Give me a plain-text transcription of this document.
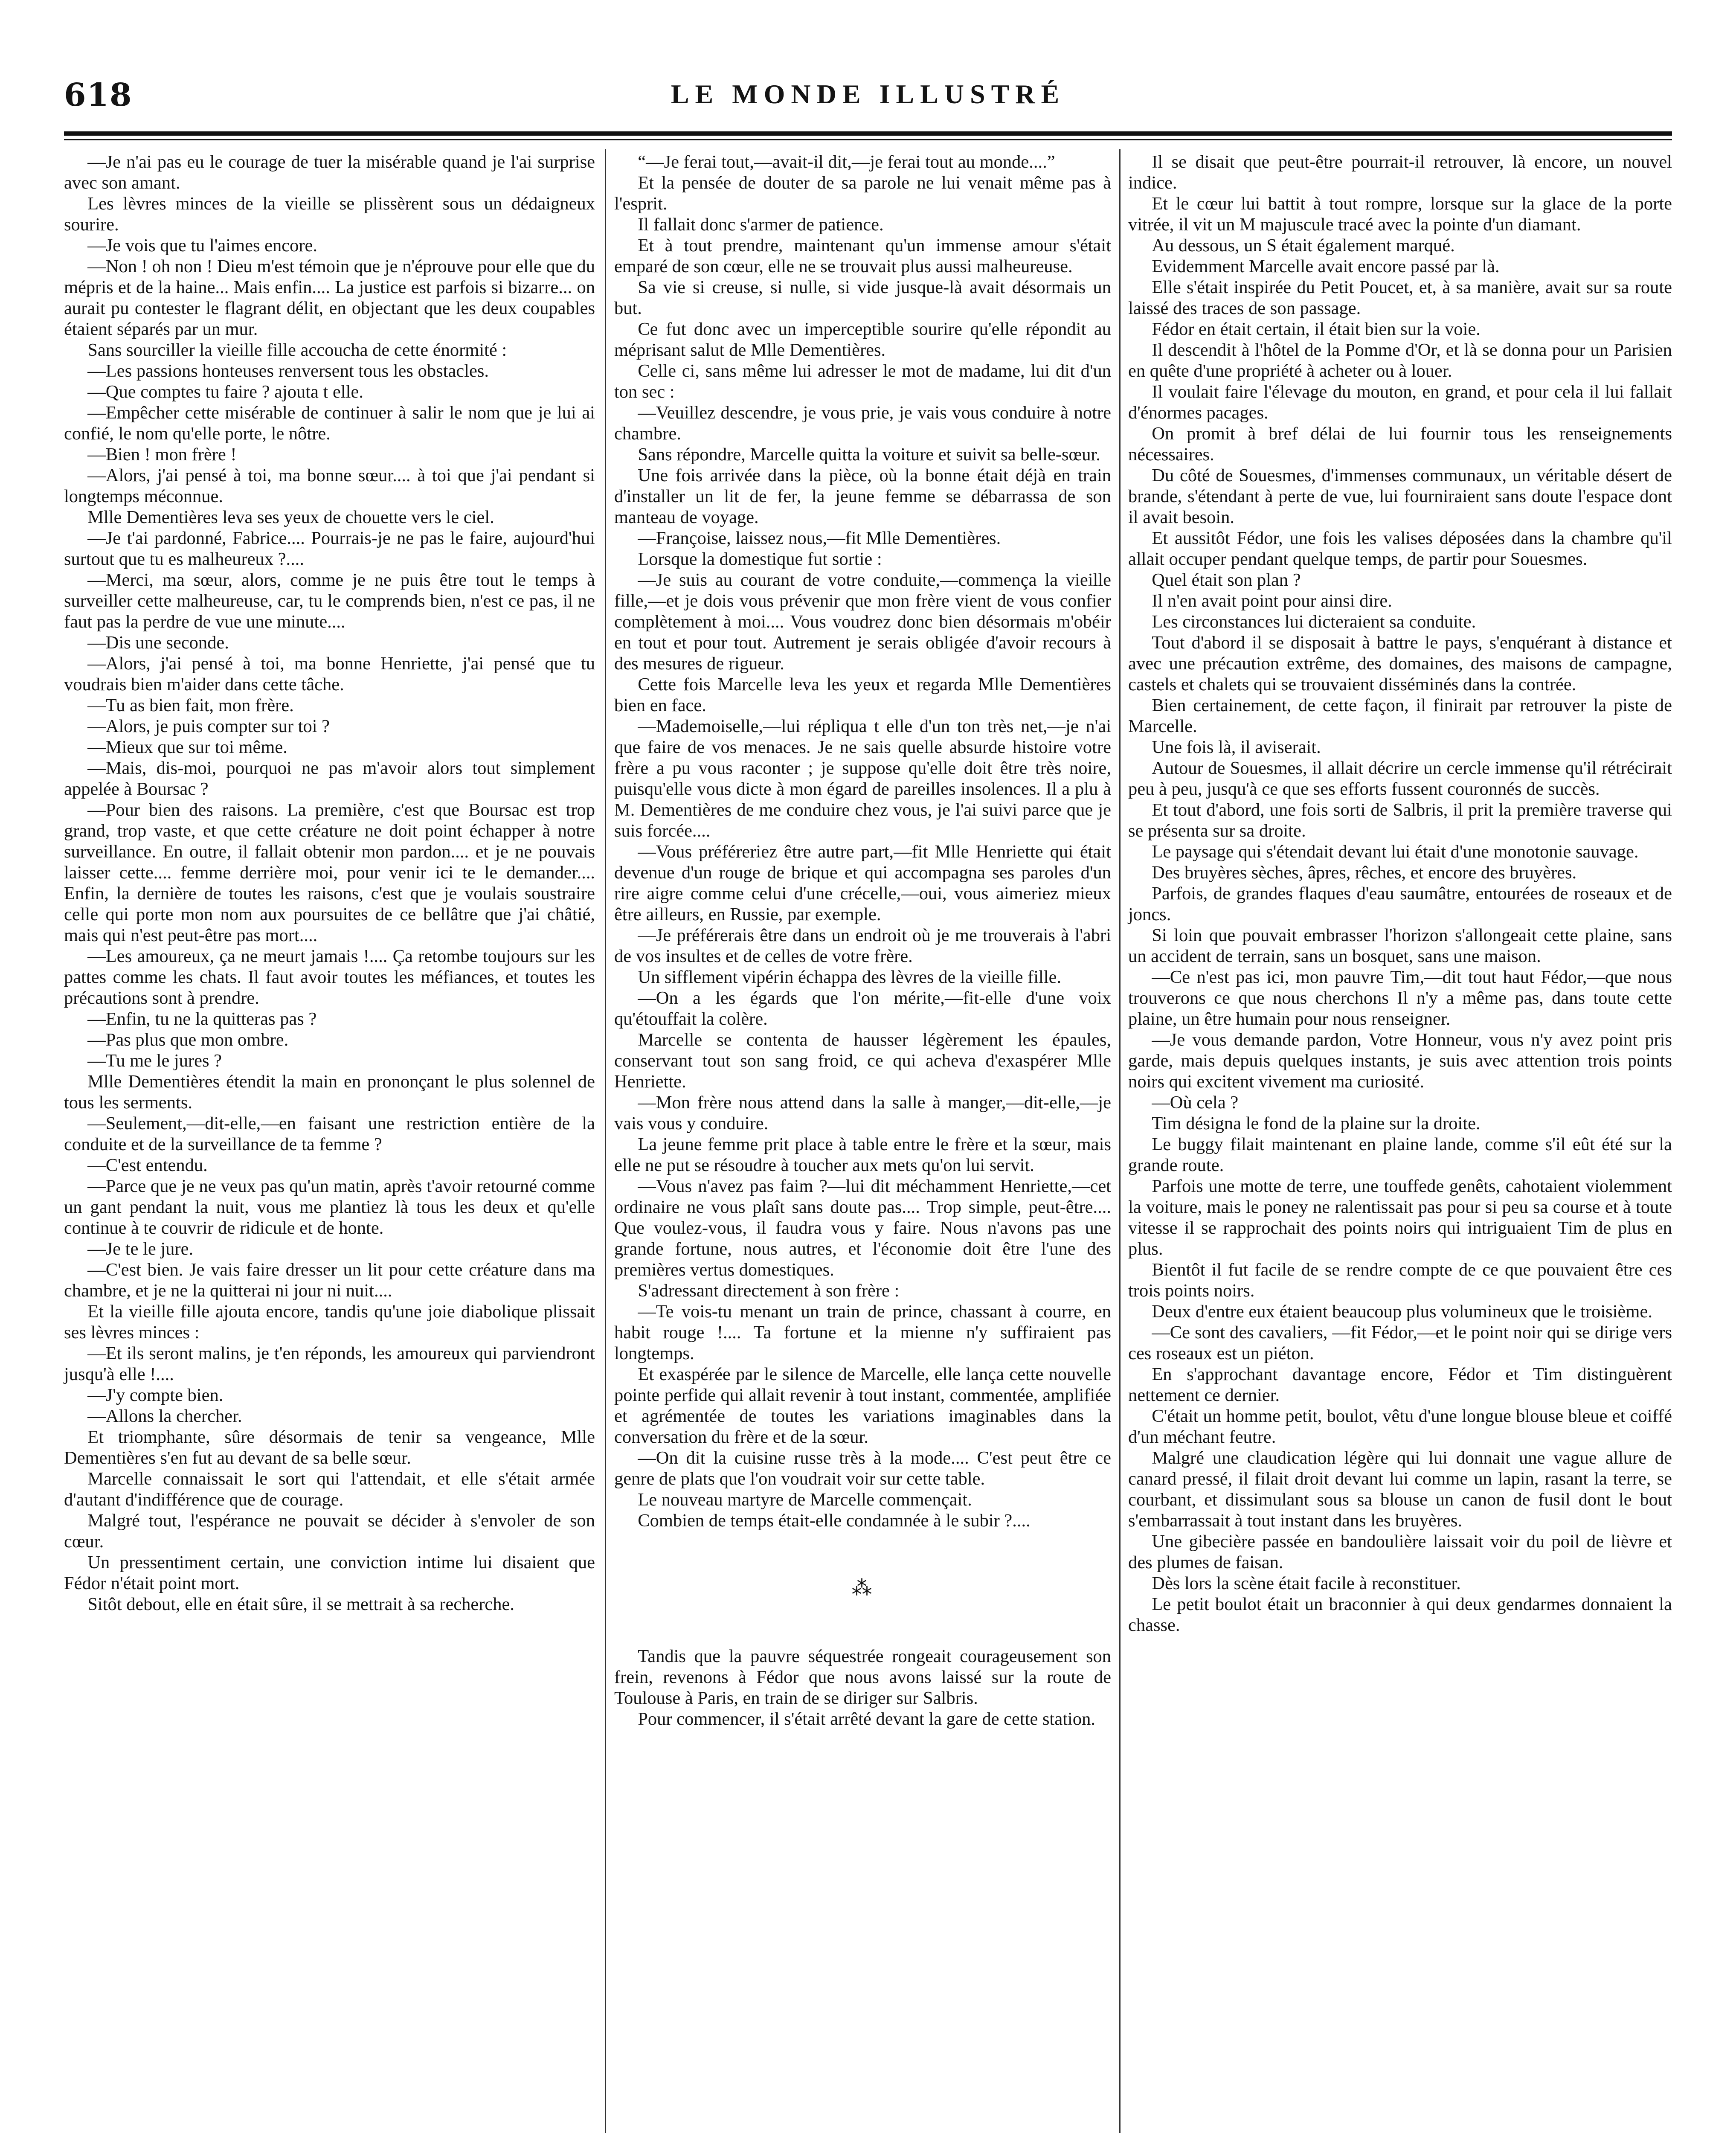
618	LE MONDE ILLUSTRÉ

—Je n'ai pas eu le courage de tuer la misérable quand je l'ai surprise avec son amant.

Les lèvres minces de la vieille se plissèrent sous un dédaigneux sourire.

—Je vois que tu l'aimes encore.

—Non ! oh non ! Dieu m'est témoin que je n'éprouve pour elle que du mépris et de la haine... Mais enfin.... La justice est parfois si bizarre... on aurait pu contester le flagrant délit, en objectant que les deux coupables étaient séparés par un mur.

Sans sourciller la vieille fille accoucha de cette énormité :

—Les passions honteuses renversent tous les obstacles.

—Que comptes tu faire ? ajouta t elle.

—Empêcher cette misérable de continuer à salir le nom que je lui ai confié, le nom qu'elle porte, le nôtre.

—Bien ! mon frère !

—Alors, j'ai pensé à toi, ma bonne sœur.... à toi que j'ai pendant si longtemps méconnue.

Mlle Dementières leva ses yeux de chouette vers le ciel.

—Je t'ai pardonné, Fabrice.... Pourrais-je ne pas le faire, aujourd'hui surtout que tu es malheureux ?....

—Merci, ma sœur, alors, comme je ne puis être tout le temps à surveiller cette malheureuse, car, tu le comprends bien, n'est ce pas, il ne faut pas la perdre de vue une minute....

—Dis une seconde.

—Alors, j'ai pensé à toi, ma bonne Henriette, j'ai pensé que tu voudrais bien m'aider dans cette tâche.

—Tu as bien fait, mon frère.

—Alors, je puis compter sur toi ?

—Mieux que sur toi même.

—Mais, dis-moi, pourquoi ne pas m'avoir alors tout simplement appelée à Boursac ?

—Pour bien des raisons. La première, c'est que Boursac est trop grand, trop vaste, et que cette créature ne doit point échapper à notre surveillance. En outre, il fallait obtenir mon pardon.... et je ne pouvais laisser cette.... femme derrière moi, pour venir ici te le demander.... Enfin, la dernière de toutes les raisons, c'est que je voulais soustraire celle qui porte mon nom aux poursuites de ce bellâtre que j'ai châtié, mais qui n'est peut-être pas mort....

—Les amoureux, ça ne meurt jamais !.... Ça retombe toujours sur les pattes comme les chats. Il faut avoir toutes les méfiances, et toutes les précautions sont à prendre.

—Enfin, tu ne la quitteras pas ?

—Pas plus que mon ombre.

—Tu me le jures ?

Mlle Dementières étendit la main en prononçant le plus solennel de tous les serments.

—Seulement,—dit-elle,—en faisant une restriction entière de la conduite et de la surveillance de ta femme ?

—C'est entendu.

—Parce que je ne veux pas qu'un matin, après t'avoir retourné comme un gant pendant la nuit, vous me plantiez là tous les deux et qu'elle continue à te couvrir de ridicule et de honte.

—Je te le jure.

—C'est bien. Je vais faire dresser un lit pour cette créature dans ma chambre, et je ne la quitterai ni jour ni nuit....

Et la vieille fille ajouta encore, tandis qu'une joie diabolique plissait ses lèvres minces :

—Et ils seront malins, je t'en réponds, les amoureux qui parviendront jusqu'à elle !....

—J'y compte bien.

—Allons la chercher.

Et triomphante, sûre désormais de tenir sa vengeance, Mlle Dementières s'en fut au devant de sa belle sœur.

Marcelle connaissait le sort qui l'attendait, et elle s'était armée d'autant d'indifférence que de courage.

Malgré tout, l'espérance ne pouvait se décider à s'envoler de son cœur.

Un pressentiment certain, une conviction intime lui disaient que Fédor n'était point mort.

Sitôt debout, elle en était sûre, il se mettrait à sa recherche.

“—Je ferai tout,—avait-il dit,—je ferai tout au monde....”

Et la pensée de douter de sa parole ne lui venait même pas à l'esprit.

Il fallait donc s'armer de patience.

Et à tout prendre, maintenant qu'un immense amour s'était emparé de son cœur, elle ne se trouvait plus aussi malheureuse.

Sa vie si creuse, si nulle, si vide jusque-là avait désormais un but.

Ce fut donc avec un imperceptible sourire qu'elle répondit au méprisant salut de Mlle Dementières.

Celle ci, sans même lui adresser le mot de madame, lui dit d'un ton sec :

—Veuillez descendre, je vous prie, je vais vous conduire à notre chambre.

Sans répondre, Marcelle quitta la voiture et suivit sa belle-sœur.

Une fois arrivée dans la pièce, où la bonne était déjà en train d'installer un lit de fer, la jeune femme se débarrassa de son manteau de voyage.

—Françoise, laissez nous,—fit Mlle Dementières.

Lorsque la domestique fut sortie :

—Je suis au courant de votre conduite,—commença la vieille fille,—et je dois vous prévenir que mon frère vient de vous confier complètement à moi.... Vous voudrez donc bien désormais m'obéir en tout et pour tout. Autrement je serais obligée d'avoir recours à des mesures de rigueur.

Cette fois Marcelle leva les yeux et regarda Mlle Dementières bien en face.

—Mademoiselle,—lui répliqua t elle d'un ton très net,—je n'ai que faire de vos menaces. Je ne sais quelle absurde histoire votre frère a pu vous raconter ; je suppose qu'elle doit être très noire, puisqu'elle vous dicte à mon égard de pareilles insolences. Il a plu à M. Dementières de me conduire chez vous, je l'ai suivi parce que je suis forcée....

—Vous préféreriez être autre part,—fit Mlle Henriette qui était devenue d'un rouge de brique et qui accompagna ses paroles d'un rire aigre comme celui d'une crécelle,—oui, vous aimeriez mieux être ailleurs, en Russie, par exemple.

—Je préférerais être dans un endroit où je me trouverais à l'abri de vos insultes et de celles de votre frère.

Un sifflement vipérin échappa des lèvres de la vieille fille.

—On a les égards que l'on mérite,—fit-elle d'une voix qu'étouffait la colère.

Marcelle se contenta de hausser légèrement les épaules, conservant tout son sang froid, ce qui acheva d'exaspérer Mlle Henriette.

—Mon frère nous attend dans la salle à manger,—dit-elle,—je vais vous y conduire.

La jeune femme prit place à table entre le frère et la sœur, mais elle ne put se résoudre à toucher aux mets qu'on lui servit.

—Vous n'avez pas faim ?—lui dit méchamment Henriette,—cet ordinaire ne vous plaît sans doute pas.... Trop simple, peut-être.... Que voulez-vous, il faudra vous y faire. Nous n'avons pas une grande fortune, nous autres, et l'économie doit être l'une des premières vertus domestiques.

S'adressant directement à son frère :

—Te vois-tu menant un train de prince, chassant à courre, en habit rouge !.... Ta fortune et la mienne n'y suffiraient pas longtemps.

Et exaspérée par le silence de Marcelle, elle lança cette nouvelle pointe perfide qui allait revenir à tout instant, commentée, amplifiée et agrémentée de toutes les variations imaginables dans la conversation du frère et de la sœur.

—On dit la cuisine russe très à la mode.... C'est peut être ce genre de plats que l'on voudrait voir sur cette table.

Le nouveau martyre de Marcelle commençait.

Combien de temps était-elle condamnée à le subir ?....

⁂

Tandis que la pauvre séquestrée rongeait courageusement son frein, revenons à Fédor que nous avons laissé sur la route de Toulouse à Paris, en train de se diriger sur Salbris.

Pour commencer, il s'était arrêté devant la gare de cette station.

Il se disait que peut-être pourrait-il retrouver, là encore, un nouvel indice.

Et le cœur lui battit à tout rompre, lorsque sur la glace de la porte vitrée, il vit un M majuscule tracé avec la pointe d'un diamant.

Au dessous, un S était également marqué.

Evidemment Marcelle avait encore passé par là.

Elle s'était inspirée du Petit Poucet, et, à sa manière, avait sur sa route laissé des traces de son passage.

Fédor en était certain, il était bien sur la voie.

Il descendit à l'hôtel de la Pomme d'Or, et là se donna pour un Parisien en quête d'une propriété à acheter ou à louer.

Il voulait faire l'élevage du mouton, en grand, et pour cela il lui fallait d'énormes pacages.

On promit à bref délai de lui fournir tous les renseignements nécessaires.

Du côté de Souesmes, d'immenses communaux, un véritable désert de brande, s'étendant à perte de vue, lui fourniraient sans doute l'espace dont il avait besoin.

Et aussitôt Fédor, une fois les valises déposées dans la chambre qu'il allait occuper pendant quelque temps, de partir pour Souesmes.

Quel était son plan ?

Il n'en avait point pour ainsi dire.

Les circonstances lui dicteraient sa conduite.

Tout d'abord il se disposait à battre le pays, s'enquérant à distance et avec une précaution extrême, des domaines, des maisons de campagne, castels et chalets qui se trouvaient disséminés dans la contrée.

Bien certainement, de cette façon, il finirait par retrouver la piste de Marcelle.

Une fois là, il aviserait.

Autour de Souesmes, il allait décrire un cercle immense qu'il rétrécirait peu à peu, jusqu'à ce que ses efforts fussent couronnés de succès.

Et tout d'abord, une fois sorti de Salbris, il prit la première traverse qui se présenta sur sa droite.

Le paysage qui s'étendait devant lui était d'une monotonie sauvage.

Des bruyères sèches, âpres, rêches, et encore des bruyères.

Parfois, de grandes flaques d'eau saumâtre, entourées de roseaux et de joncs.

Si loin que pouvait embrasser l'horizon s'allongeait cette plaine, sans un accident de terrain, sans un bosquet, sans une maison.

—Ce n'est pas ici, mon pauvre Tim,—dit tout haut Fédor,—que nous trouverons ce que nous cherchons Il n'y a même pas, dans toute cette plaine, un être humain pour nous renseigner.

—Je vous demande pardon, Votre Honneur, vous n'y avez point pris garde, mais depuis quelques instants, je suis avec attention trois points noirs qui excitent vivement ma curiosité.

—Où cela ?

Tim désigna le fond de la plaine sur la droite.

Le buggy filait maintenant en plaine lande, comme s'il eût été sur la grande route.

Parfois une motte de terre, une touffede genêts, cahotaient violemment la voiture, mais le poney ne ralentissait pas pour si peu sa course et à toute vitesse il se rapprochait des points noirs qui intriguaient Tim de plus en plus.

Bientôt il fut facile de se rendre compte de ce que pouvaient être ces trois points noirs.

Deux d'entre eux étaient beaucoup plus volumineux que le troisième.

—Ce sont des cavaliers, —fit Fédor,—et le point noir qui se dirige vers ces roseaux est un piéton.

En s'approchant davantage encore, Fédor et Tim distinguèrent nettement ce dernier.

C'était un homme petit, boulot, vêtu d'une longue blouse bleue et coiffé d'un méchant feutre.

Malgré une claudication légère qui lui donnait une vague allure de canard pressé, il filait droit devant lui comme un lapin, rasant la terre, se courbant, et dissimulant sous sa blouse un canon de fusil dont le bout s'embarrassait à tout instant dans les bruyères.

Une gibecière passée en bandoulière laissait voir du poil de lièvre et des plumes de faisan.

Dès lors la scène était facile à reconstituer.

Le petit boulot était un braconnier à qui deux gendarmes donnaient la chasse.
